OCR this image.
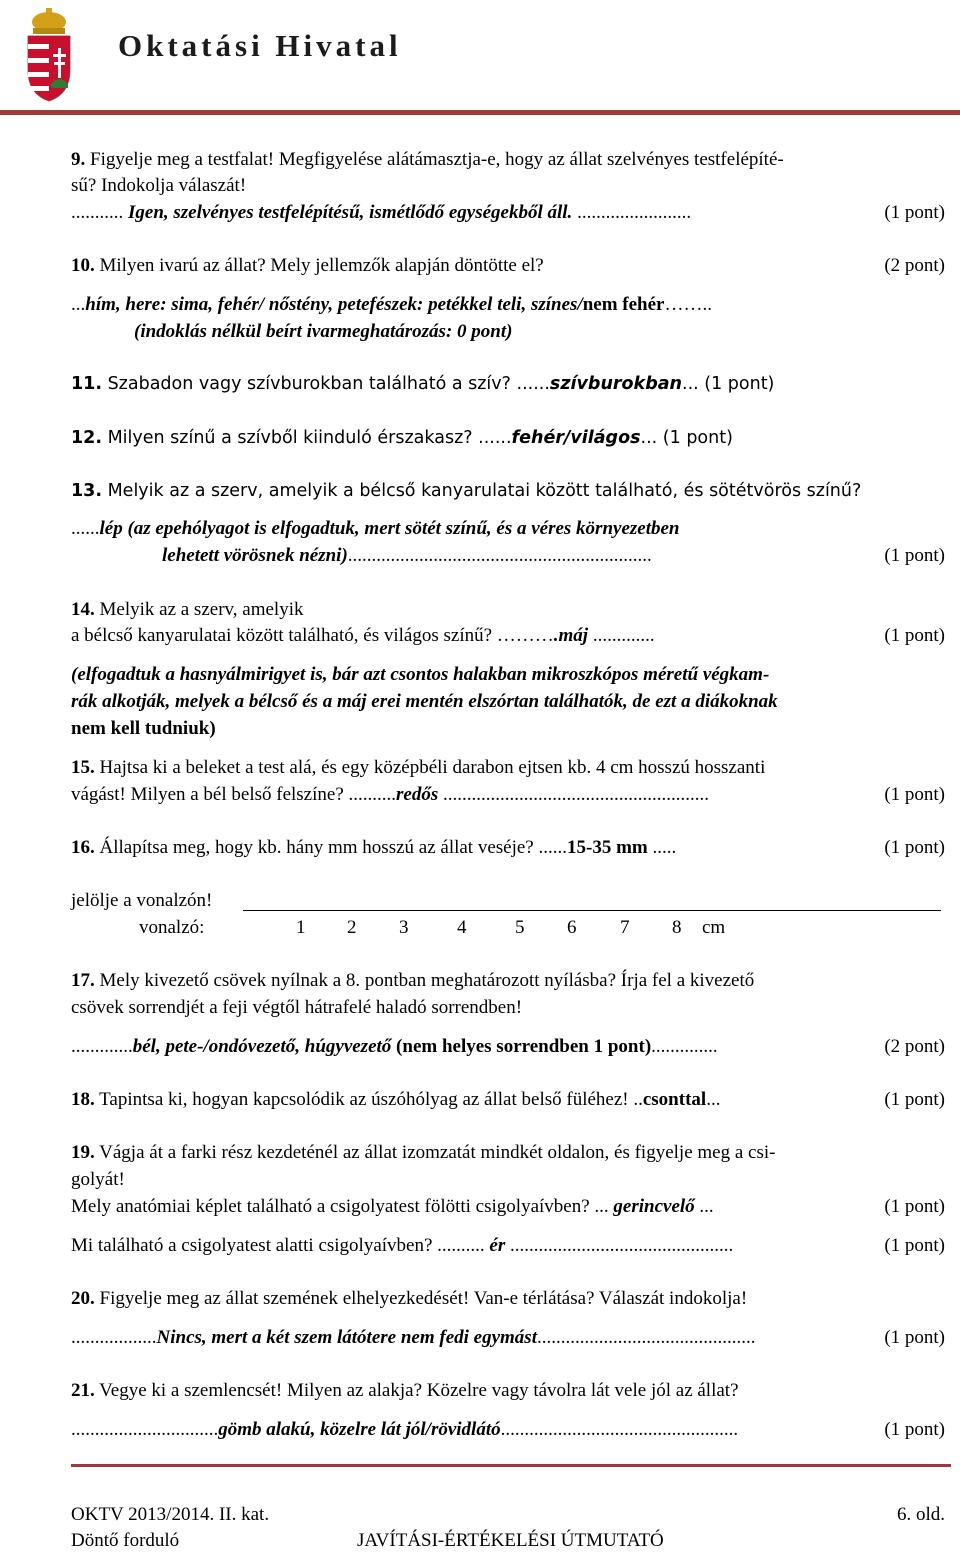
Oktatási Hivatal
9. Figyelje meg a testfalat! Megfigyelése alátámasztja-e, hogy az állat szelvényes testfelépíté-
sű? Indokolja válaszát!
........... Igen, szelvényes testfelépítésű, ismétlődő egységekből áll. ........................	(1 pont)
10. Milyen ivarú az állat? Mely jellemzők alapján döntötte el?	(2 pont)
...hím, here: sima, fehér/ nőstény, petefészek: petékkel teli, színes/nem fehér……..
(indoklás nélkül beírt ivarmeghatározás: 0 pont)
11. Szabadon vagy szívburokban található a szív? ......szívburokban... (1 pont)
12. Milyen színű a szívből kiinduló érszakasz? ......fehér/világos... (1 pont)
13. Melyik az a szerv, amelyik a bélcső kanyarulatai között található, és sötétvörös színű?
......lép (az epehólyagot is elfogadtuk, mert sötét színű, és a véres környezetben
lehetett vörösnek nézni)................................................................	(1 pont)
14. Melyik az a szerv, amelyik
a bélcső kanyarulatai között található, és világos színű? ……….máj .............	(1 pont)
(elfogadtuk a hasnyálmirigyet is, bár azt csontos halakban mikroszkópos méretű végkam-
rák alkotják, melyek a bélcső és a máj erei mentén elszórtan találhatók, de ezt a diákoknak
nem kell tudniuk)
15. Hajtsa ki a beleket a test alá, és egy középbéli darabon ejtsen kb. 4 cm hosszú hosszanti
vágást! Milyen a bél belső felszíne? ..........redős ........................................................	(1 pont)
16. Állapítsa meg, hogy kb. hány mm hosszú az állat veséje? ......15-35 mm .....	(1 pont)
jelölje a vonalzón!
vonalzó:	1 2 3	4	5 6 7 8 cm
17. Mely kivezető csövek nyílnak a 8. pontban meghatározott nyílásba? Írja fel a kivezető
csövek sorrendjét a feji végtől hátrafelé haladó sorrendben!
.............bél, pete-/ondóvezető, húgyvezető (nem helyes sorrendben 1 pont)..............	(2 pont)
18. Tapintsa ki, hogyan kapcsolódik az úszóhólyag az állat belső füléhez! ..csonttal...	(1 pont)
19. Vágja át a farki rész kezdeténél az állat izomzatát mindkét oldalon, és figyelje meg a csi-
golyát!
Mely anatómiai képlet található a csigolyatest fölötti csigolyaívben? ... gerincvelő ...	(1 pont)
Mi található a csigolyatest alatti csigolyaívben? .......... ér ...............................................	(1 pont)
20. Figyelje meg az állat szemének elhelyezkedését! Van-e térlátása? Válaszát indokolja!
..................Nincs, mert a két szem látótere nem fedi egymást..............................................	(1 pont)
21. Vegye ki a szemlencsét! Milyen az alakja? Közelre vagy távolra lát vele jól az állat?
...............................gömb alakú, közelre lát jól/rövidlátó..................................................	(1 pont)
OKTV 2013/2014. II. kat.
Döntő forduló	JAVÍTÁSI-ÉRTÉKELÉSI ÚTMUTATÓ
6. old.
